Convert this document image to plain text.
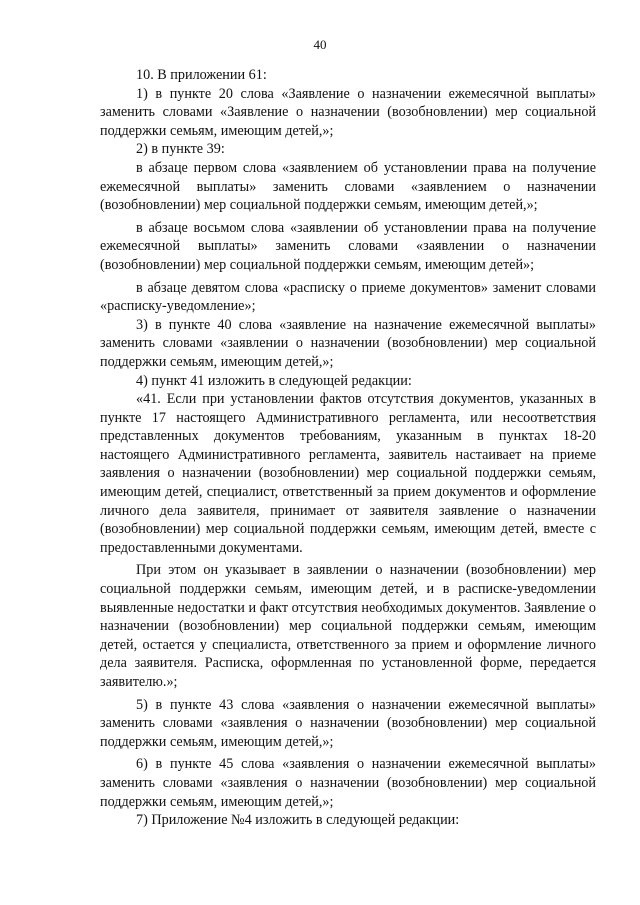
40

10. В приложении 61:

1) в пункте 20 слова «Заявление о назначении ежемесячной выплаты» заменить словами «Заявление о назначении (возобновлении) мер социальной поддержки семьям, имеющим детей,»;

2) в пункте 39:

в абзаце первом слова «заявлением об установлении права на получение ежемесячной выплаты» заменить словами «заявлением о назначении (возобновлении) мер социальной поддержки семьям, имеющим детей,»;

в абзаце восьмом слова «заявлении об установлении права на получение ежемесячной выплаты» заменить словами «заявлении о назначении (возобновлении) мер социальной поддержки семьям, имеющим детей»;

в абзаце девятом слова «расписку о приеме документов» заменит словами «расписку-уведомление»;

3) в пункте 40 слова «заявление на назначение ежемесячной выплаты» заменить словами «заявлении о назначении (возобновлении) мер социальной поддержки семьям, имеющим детей,»;

4) пункт 41 изложить в следующей редакции:

«41. Если при установлении фактов отсутствия документов, указанных в пункте 17 настоящего Административного регламента, или несоответствия представленных документов требованиям, указанным в пунктах 18-20 настоящего Административного регламента, заявитель настаивает на приеме заявления о назначении (возобновлении) мер социальной поддержки семьям, имеющим детей, специалист, ответственный за прием документов и оформление личного дела заявителя, принимает от заявителя заявление о назначении (возобновлении) мер социальной поддержки семьям, имеющим детей, вместе с предоставленными документами.

При этом он указывает в заявлении о назначении (возобновлении) мер социальной поддержки семьям, имеющим детей, и в расписке-уведомлении выявленные недостатки и факт отсутствия необходимых документов. Заявление о назначении (возобновлении) мер социальной поддержки семьям, имеющим детей, остается у специалиста, ответственного за прием и оформление личного дела заявителя. Расписка, оформленная по установленной форме, передается заявителю.»;

5) в пункте 43 слова «заявления о назначении ежемесячной выплаты» заменить словами «заявления о назначении (возобновлении) мер социальной поддержки семьям, имеющим детей,»;

6) в пункте 45 слова «заявления о назначении ежемесячной выплаты» заменить словами «заявления о назначении (возобновлении) мер социальной поддержки семьям, имеющим детей,»;

7) Приложение №4 изложить в следующей редакции:
